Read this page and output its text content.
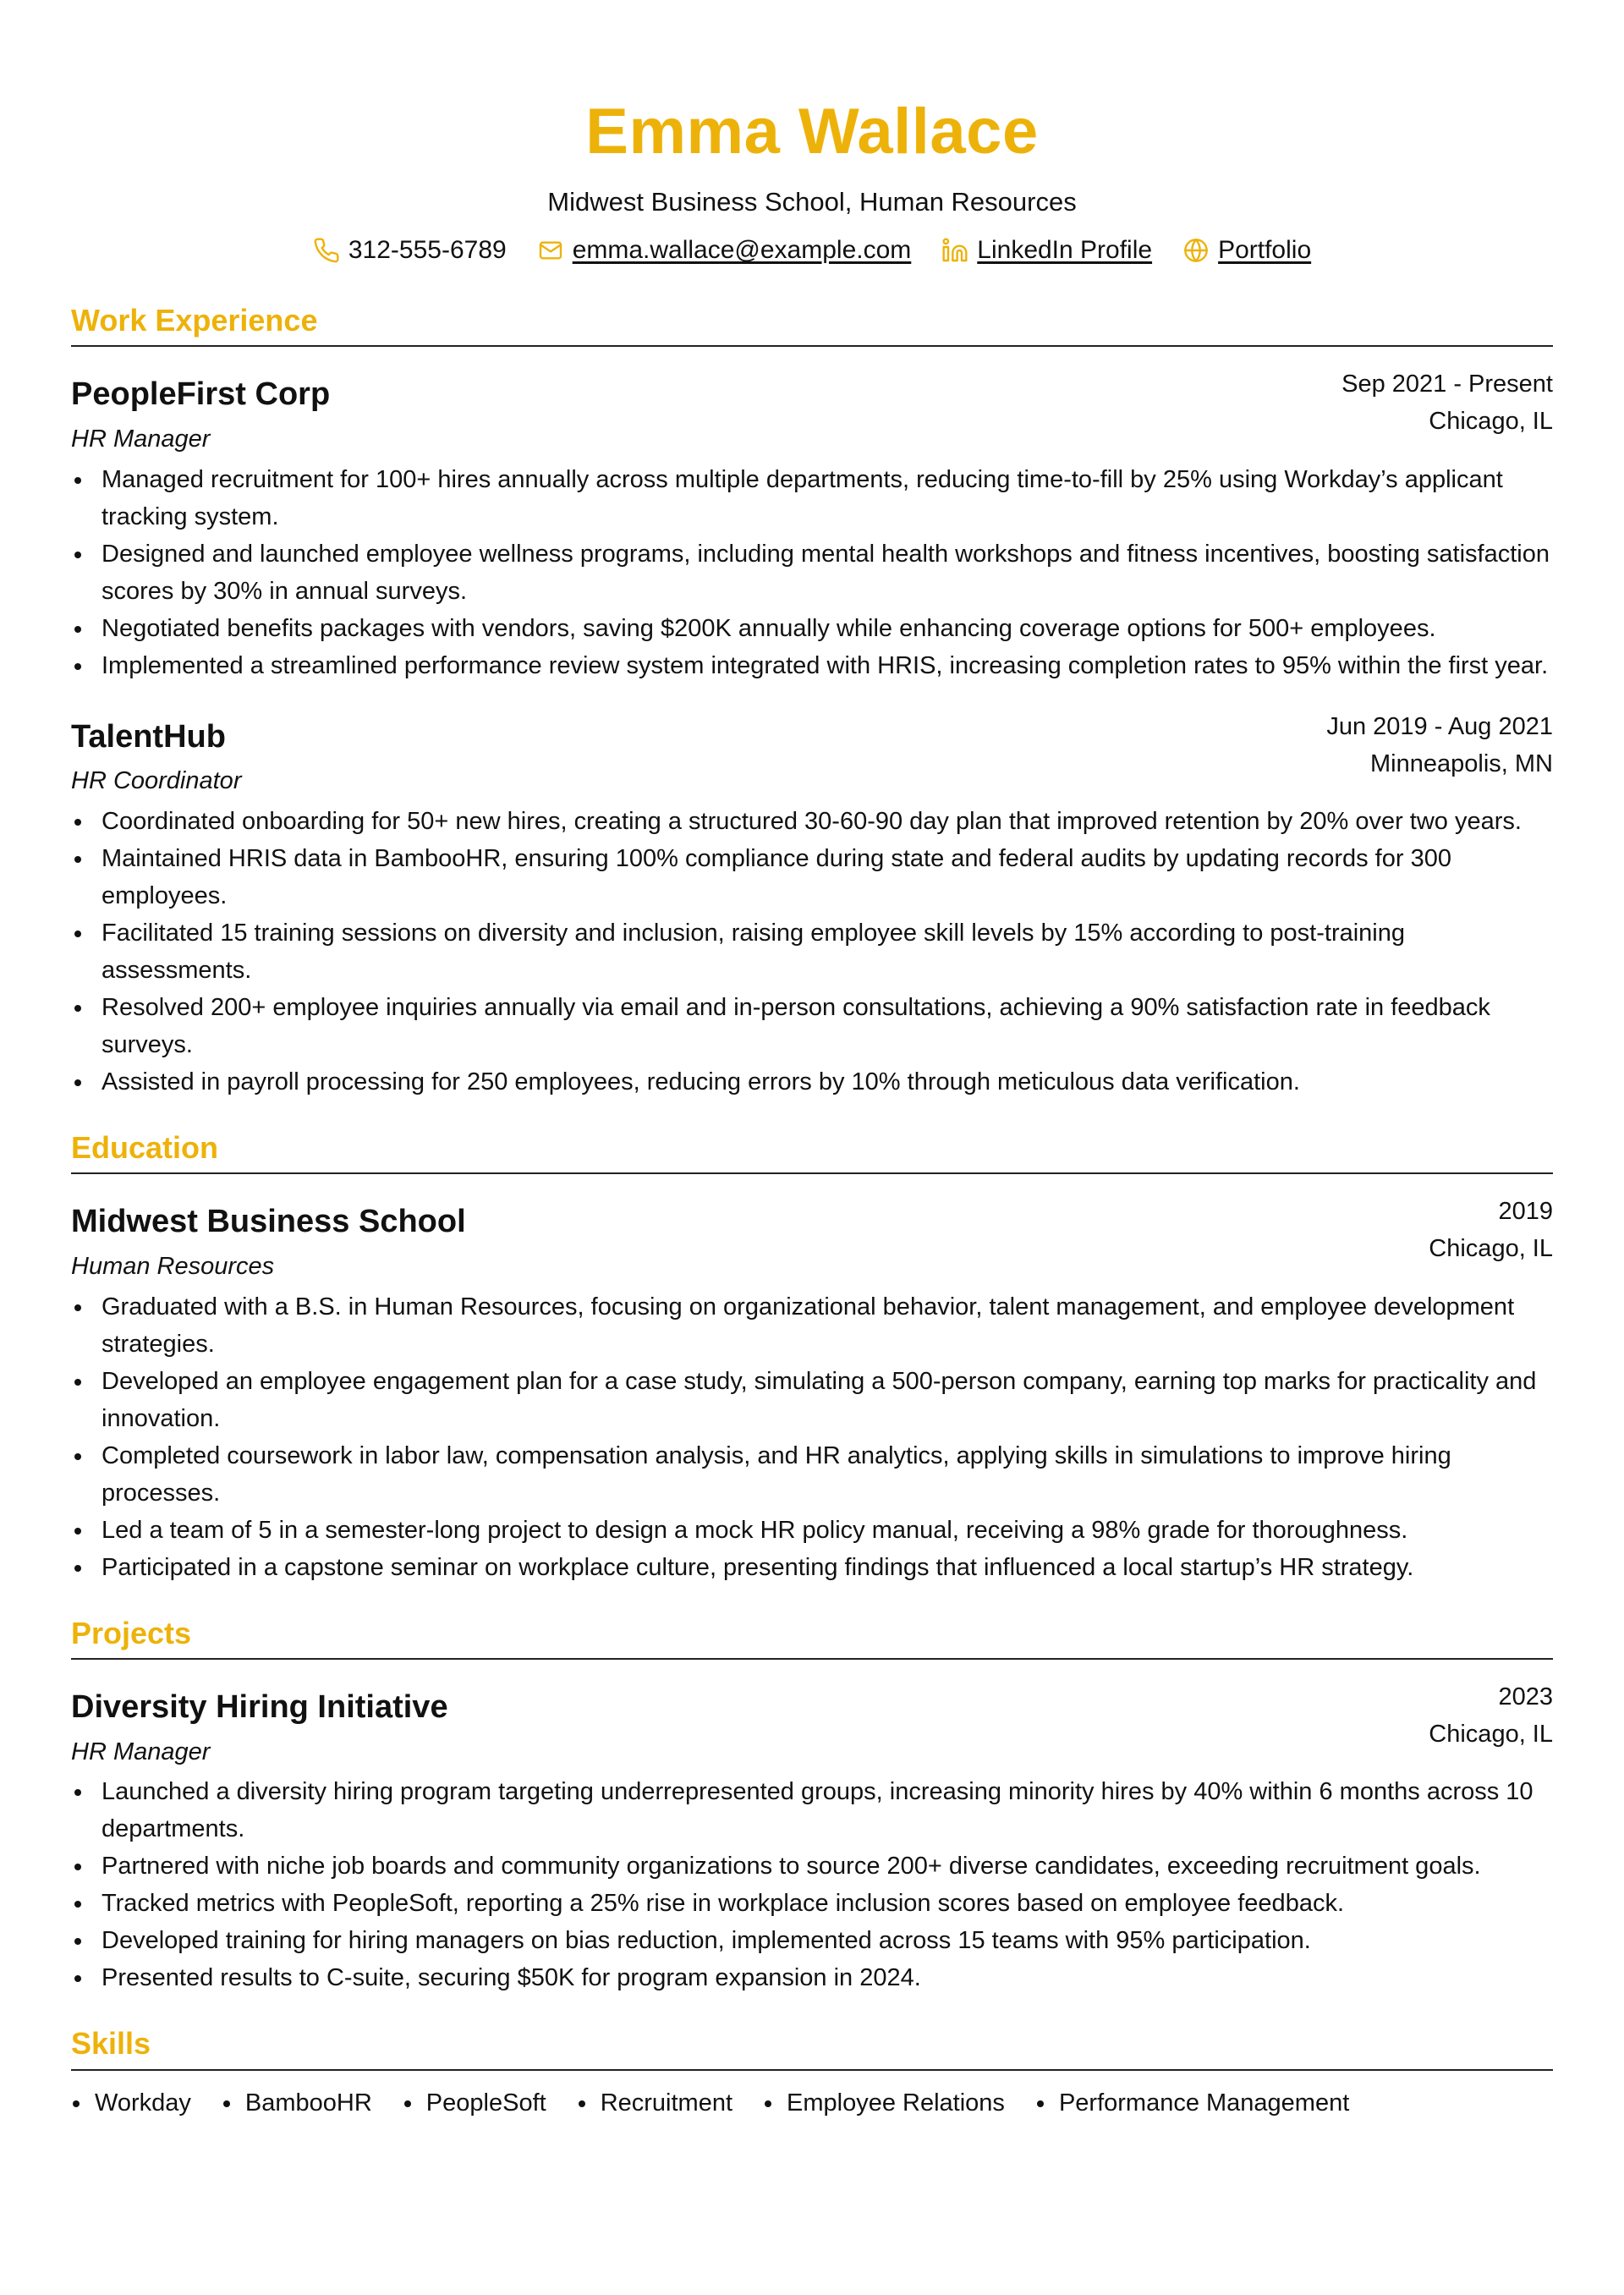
Emma Wallace
Midwest Business School, Human Resources
312-555-6789	emma.wallace@example.com	LinkedIn Profile	Portfolio
Work Experience
PeopleFirst Corp
HR Manager
Sep 2021 - Present
Chicago, IL
Managed recruitment for 100+ hires annually across multiple departments, reducing time-to-fill by 25% using Workday’s applicant tracking system.
Designed and launched employee wellness programs, including mental health workshops and fitness incentives, boosting satisfaction scores by 30% in annual surveys.
Negotiated benefits packages with vendors, saving $200K annually while enhancing coverage options for 500+ employees.
Implemented a streamlined performance review system integrated with HRIS, increasing completion rates to 95% within the first year.
TalentHub
HR Coordinator
Jun 2019 - Aug 2021
Minneapolis, MN
Coordinated onboarding for 50+ new hires, creating a structured 30-60-90 day plan that improved retention by 20% over two years.
Maintained HRIS data in BambooHR, ensuring 100% compliance during state and federal audits by updating records for 300 employees.
Facilitated 15 training sessions on diversity and inclusion, raising employee skill levels by 15% according to post-training assessments.
Resolved 200+ employee inquiries annually via email and in-person consultations, achieving a 90% satisfaction rate in feedback surveys.
Assisted in payroll processing for 250 employees, reducing errors by 10% through meticulous data verification.
Education
Midwest Business School
Human Resources
2019
Chicago, IL
Graduated with a B.S. in Human Resources, focusing on organizational behavior, talent management, and employee development strategies.
Developed an employee engagement plan for a case study, simulating a 500-person company, earning top marks for practicality and innovation.
Completed coursework in labor law, compensation analysis, and HR analytics, applying skills in simulations to improve hiring processes.
Led a team of 5 in a semester-long project to design a mock HR policy manual, receiving a 98% grade for thoroughness.
Participated in a capstone seminar on workplace culture, presenting findings that influenced a local startup’s HR strategy.
Projects
Diversity Hiring Initiative
HR Manager
2023
Chicago, IL
Launched a diversity hiring program targeting underrepresented groups, increasing minority hires by 40% within 6 months across 10 departments.
Partnered with niche job boards and community organizations to source 200+ diverse candidates, exceeding recruitment goals.
Tracked metrics with PeopleSoft, reporting a 25% rise in workplace inclusion scores based on employee feedback.
Developed training for hiring managers on bias reduction, implemented across 15 teams with 95% participation.
Presented results to C-suite, securing $50K for program expansion in 2024.
Skills
Workday	BambooHR	PeopleSoft	Recruitment	Employee Relations	Performance Management
